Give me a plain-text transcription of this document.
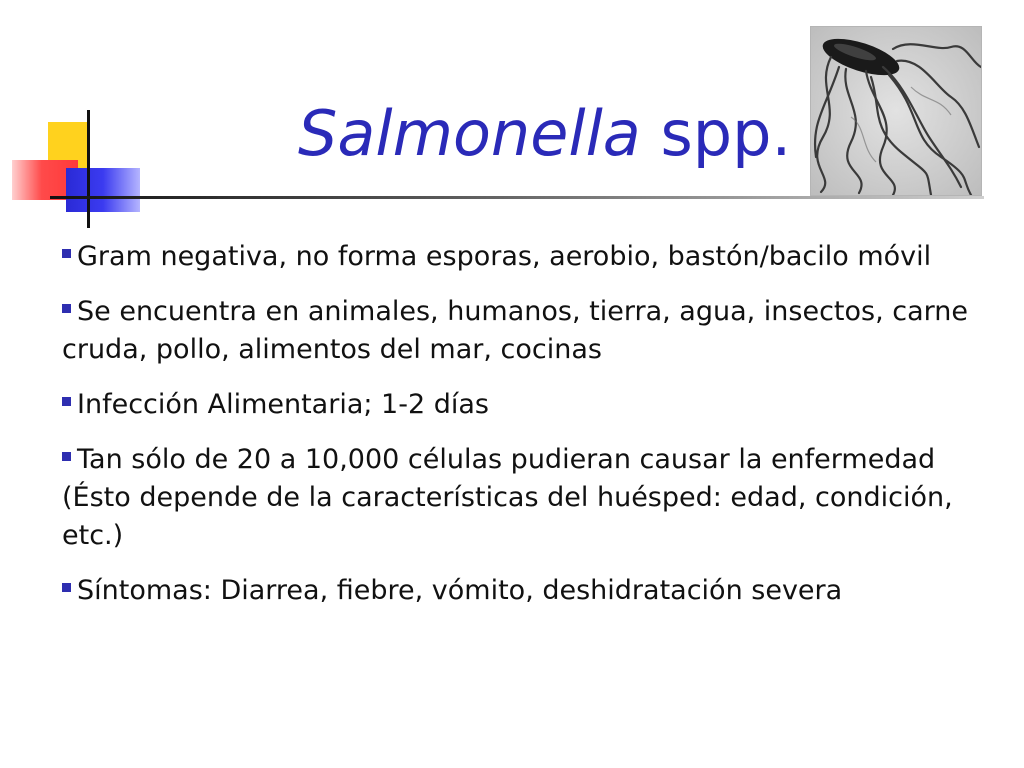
Salmonella spp.
Gram negativa, no forma esporas, aerobio, bastón/bacilo móvil
Se encuentra en animales, humanos, tierra, agua, insectos, carne cruda, pollo, alimentos del mar, cocinas
Infección Alimentaria; 1-2 días
Tan sólo de 20 a 10,000 células pudieran causar la enfermedad (Ésto depende de la características del huésped: edad, condición, etc.)
Síntomas: Diarrea, fiebre, vómito, deshidratación severa
